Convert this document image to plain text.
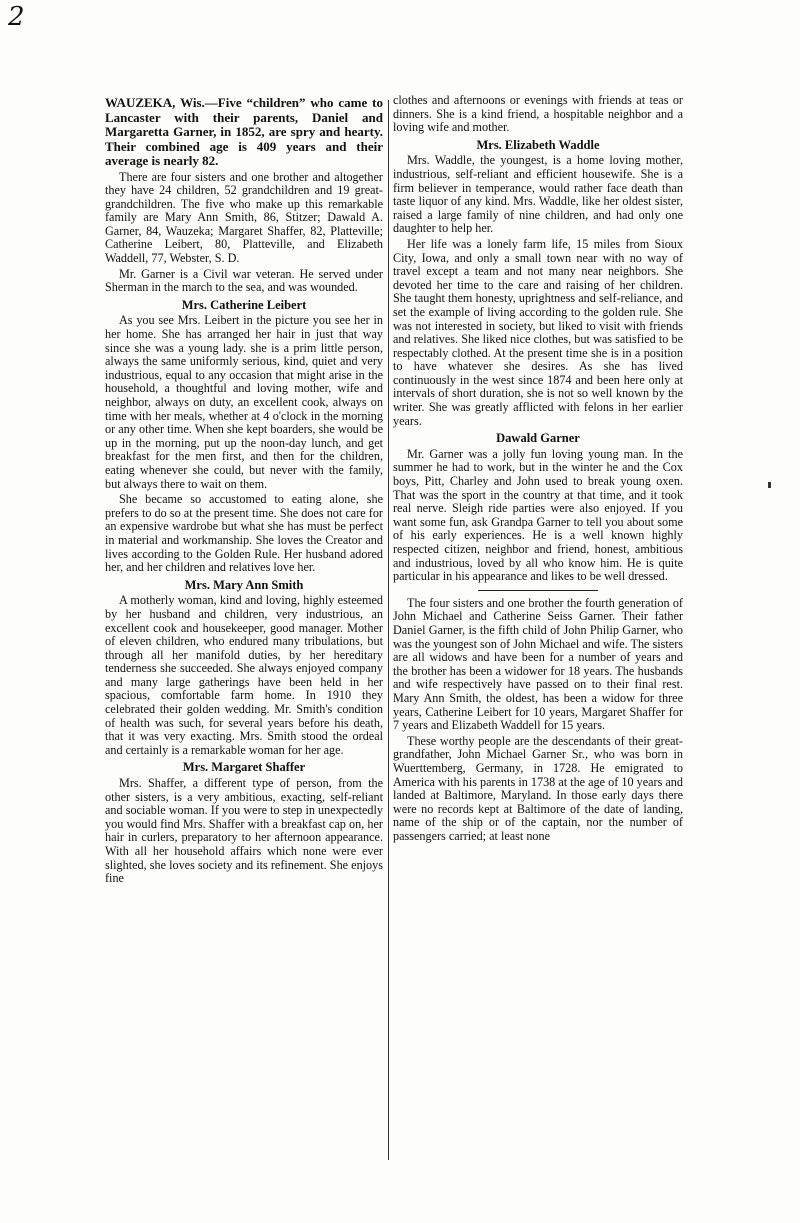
2

WAUZEKA, Wis.—Five “children” who came to Lancaster with their parents, Daniel and Margaretta Garner, in 1852, are spry and hearty. Their combined age is 409 years and their average is nearly 82.

There are four sisters and one brother and altogether they have 24 children, 52 grandchildren and 19 great-grandchildren. The five who make up this remarkable family are Mary Ann Smith, 86, Stitzer; Dawald A. Garner, 84, Wauzeka; Margaret Shaffer, 82, Platteville; Catherine Leibert, 80, Platteville, and Elizabeth Waddell, 77, Webster, S. D.

Mr. Garner is a Civil war veteran. He served under Sherman in the march to the sea, and was wounded.

Mrs. Catherine Leibert

As you see Mrs. Leibert in the picture you see her in her home. She has arranged her hair in just that way since she was a young lady. she is a prim little person, always the same uniformly serious, kind, quiet and very industrious, equal to any occasion that might arise in the household, a thoughtful and loving mother, wife and neighbor, always on duty, an excellent cook, always on time with her meals, whether at 4 o'clock in the morning or any other time. When she kept boarders, she would be up in the morning, put up the noon-day lunch, and get breakfast for the men first, and then for the children, eating whenever she could, but never with the family, but always there to wait on them.

She became so accustomed to eating alone, she prefers to do so at the present time. She does not care for an expensive wardrobe but what she has must be perfect in material and workmanship. She loves the Creator and lives according to the Golden Rule. Her husband adored her, and her children and relatives love her.

Mrs. Mary Ann Smith

A motherly woman, kind and loving, highly esteemed by her husband and children, very industrious, an excellent cook and housekeeper, good manager. Mother of eleven children, who endured many tribulations, but through all her manifold duties, by her hereditary tenderness she succeeded. She always enjoyed company and many large gatherings have been held in her spacious, comfortable farm home. In 1910 they celebrated their golden wedding. Mr. Smith's condition of health was such, for several years before his death, that it was very exacting. Mrs. Smith stood the ordeal and certainly is a remarkable woman for her age.

Mrs. Margaret Shaffer

Mrs. Shaffer, a different type of person, from the other sisters, is a very ambitious, exacting, self-reliant and sociable woman. If you were to step in unexpectedly you would find Mrs. Shaffer with a breakfast cap on, her hair in curlers, preparatory to her afternoon appearance. With all her household affairs which none were ever slighted, she loves society and its refinement. She enjoys fine

clothes and afternoons or evenings with friends at teas or dinners. She is a kind friend, a hospitable neighbor and a loving wife and mother.

Mrs. Elizabeth Waddle

Mrs. Waddle, the youngest, is a home loving mother, industrious, self-reliant and efficient housewife. She is a firm believer in temperance, would rather face death than taste liquor of any kind. Mrs. Waddle, like her oldest sister, raised a large family of nine children, and had only one daughter to help her.

Her life was a lonely farm life, 15 miles from Sioux City, Iowa, and only a small town near with no way of travel except a team and not many near neighbors. She devoted her time to the care and raising of her children. She taught them honesty, uprightness and self-reliance, and set the example of living according to the golden rule. She was not interested in society, but liked to visit with friends and relatives. She liked nice clothes, but was satisfied to be respectably clothed. At the present time she is in a position to have whatever she desires. As she has lived continuously in the west since 1874 and been here only at intervals of short duration, she is not so well known by the writer. She was greatly afflicted with felons in her earlier years.

Dawald Garner

Mr. Garner was a jolly fun loving young man. In the summer he had to work, but in the winter he and the Cox boys, Pitt, Charley and John used to break young oxen. That was the sport in the country at that time, and it took real nerve. Sleigh ride parties were also enjoyed. If you want some fun, ask Grandpa Garner to tell you about some of his early experiences. He is a well known highly respected citizen, neighbor and friend, honest, ambitious and industrious, loved by all who know him. He is quite particular in his appearance and likes to be well dressed.

The four sisters and one brother the fourth generation of John Michael and Catherine Seiss Garner. Their father Daniel Garner, is the fifth child of John Philip Garner, who was the youngest son of John Michael and wife. The sisters are all widows and have been for a number of years and the brother has been a widower for 18 years. The husbands and wife respectively have passed on to their final rest. Mary Ann Smith, the oldest, has been a widow for three years, Catherine Leibert for 10 years, Margaret Shaffer for 7 years and Elizabeth Waddell for 15 years.

These worthy people are the descendants of their great-grandfather, John Michael Garner Sr., who was born in Wuerttemberg, Germany, in 1728. He emigrated to America with his parents in 1738 at the age of 10 years and landed at Baltimore, Maryland. In those early days there were no records kept at Baltimore of the date of landing, name of the ship or of the captain, nor the number of passengers carried; at least none
